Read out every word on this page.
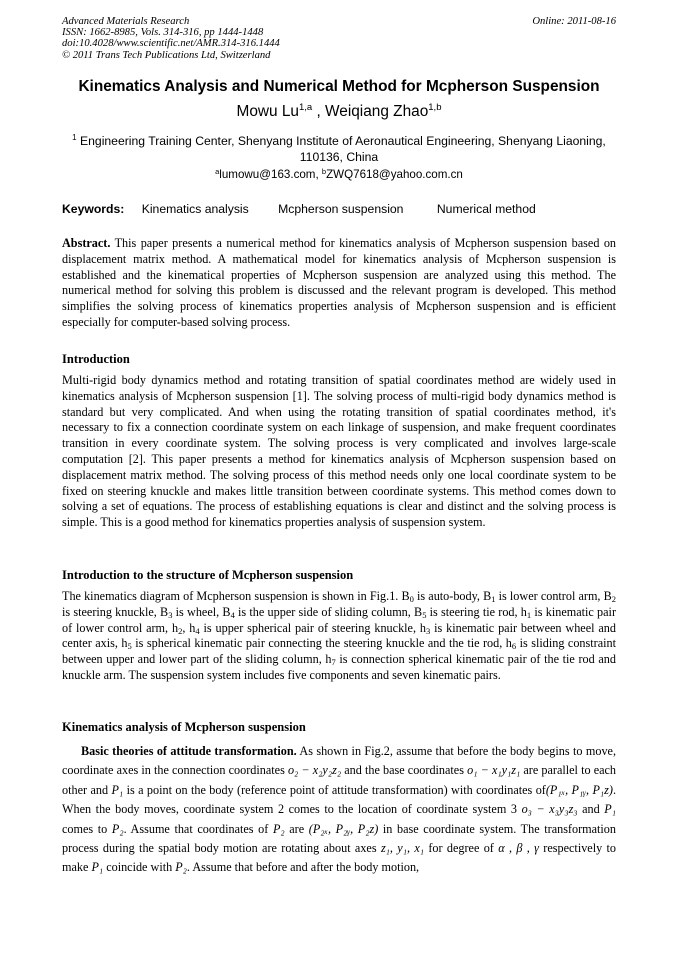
Advanced Materials Research
ISSN: 1662-8985, Vols. 314-316, pp 1444-1448
doi:10.4028/www.scientific.net/AMR.314-316.1444
© 2011 Trans Tech Publications Ltd, Switzerland
Online: 2011-08-16
Kinematics Analysis and Numerical Method for Mcpherson Suspension
Mowu Lu$^{1,a}$ , Weiqiang Zhao$^{1,b}$
$^1$ Engineering Training Center, Shenyang Institute of Aeronautical Engineering, Shenyang Liaoning, 110136, China
$^a$lumowu@163.com, $^b$ZWQ7618@yahoo.com.cn
Keywords: Kinematics analysis Mcpherson suspension	Numerical method

Abstract. This paper presents a numerical method for kinematics analysis of Mcpherson suspension based on displacement matrix method. A mathematical model for kinematics analysis of Mcpherson suspension is established and the kinematical properties of Mcpherson suspension are analyzed using this method. The numerical method for solving this problem is discussed and the relevant program is developed. This method simplifies the solving process of kinematics properties analysis of Mcpherson suspension and is efficient especially for computer-based solving process.

Introduction

Multi-rigid body dynamics method and rotating transition of spatial coordinates method are widely used in kinematics analysis of Mcpherson suspension [1]. The solving process of multi-rigid body dynamics method is standard but very complicated. And when using the rotating transition of spatial coordinates method, it's necessary to fix a connection coordinate system on each linkage of suspension, and make frequent coordinates transition in every coordinate system. The solving process is very complicated and involves large-scale computation [2]. This paper presents a method for kinematics analysis of Mcpherson suspension based on displacement matrix method. The solving process of this method needs only one local coordinate system to be fixed on steering knuckle and makes little transition between coordinate systems. This method comes down to solving a set of equations. The process of establishing equations is clear and distinct and the solving process is simple. This is a good method for kinematics properties analysis of suspension system.

Introduction to the structure of Mcpherson suspension

The kinematics diagram of Mcpherson suspension is shown in Fig.1. $B_0$ is auto-body, $B_1$ is lower control arm, $B_2$ is steering knuckle, $B_3$ is wheel, $B_4$ is the upper side of sliding column, $B_5$ is steering tie rod, $h_1$ is kinematic pair of lower control arm, $h_2$, $h_4$ is upper spherical pair of steering knuckle, $h_3$ is kinematic pair between wheel and center axis, $h_5$ is spherical kinematic pair connecting the steering knuckle and the tie rod, $h_6$ is sliding constraint between upper and lower part of the sliding column, $h_7$ is connection spherical kinematic pair of the tie rod and knuckle arm. The suspension system includes five components and seven kinematic pairs.

Kinematics analysis of Mcpherson suspension

Basic theories of attitude transformation. As shown in Fig.2, assume that before the body begins to move, coordinate axes in the connection coordinates o₂ − x₂y₂z₂ and the base coordinates o₁ − x₁y₁z₁ are parallel to each other and P₁ is a point on the body (reference point of attitude transformation) with coordinates of(P₁ₓ, P₁ᵧ, P₁z). When the body moves, coordinate system 2 comes to the location of coordinate system 3 o₃ − x₃y₃z₃ and P₁ comes to P₂. Assume that coordinates of P₂ are (P₂ₓ, P₂ᵧ, P₂z) in base coordinate system. The transformation process during the spatial body motion are rotating about axes z₁, y₁, x₁ for degree of α , β , γ respectively to make P₁ coincide with P₂. Assume that before and after the body motion,
